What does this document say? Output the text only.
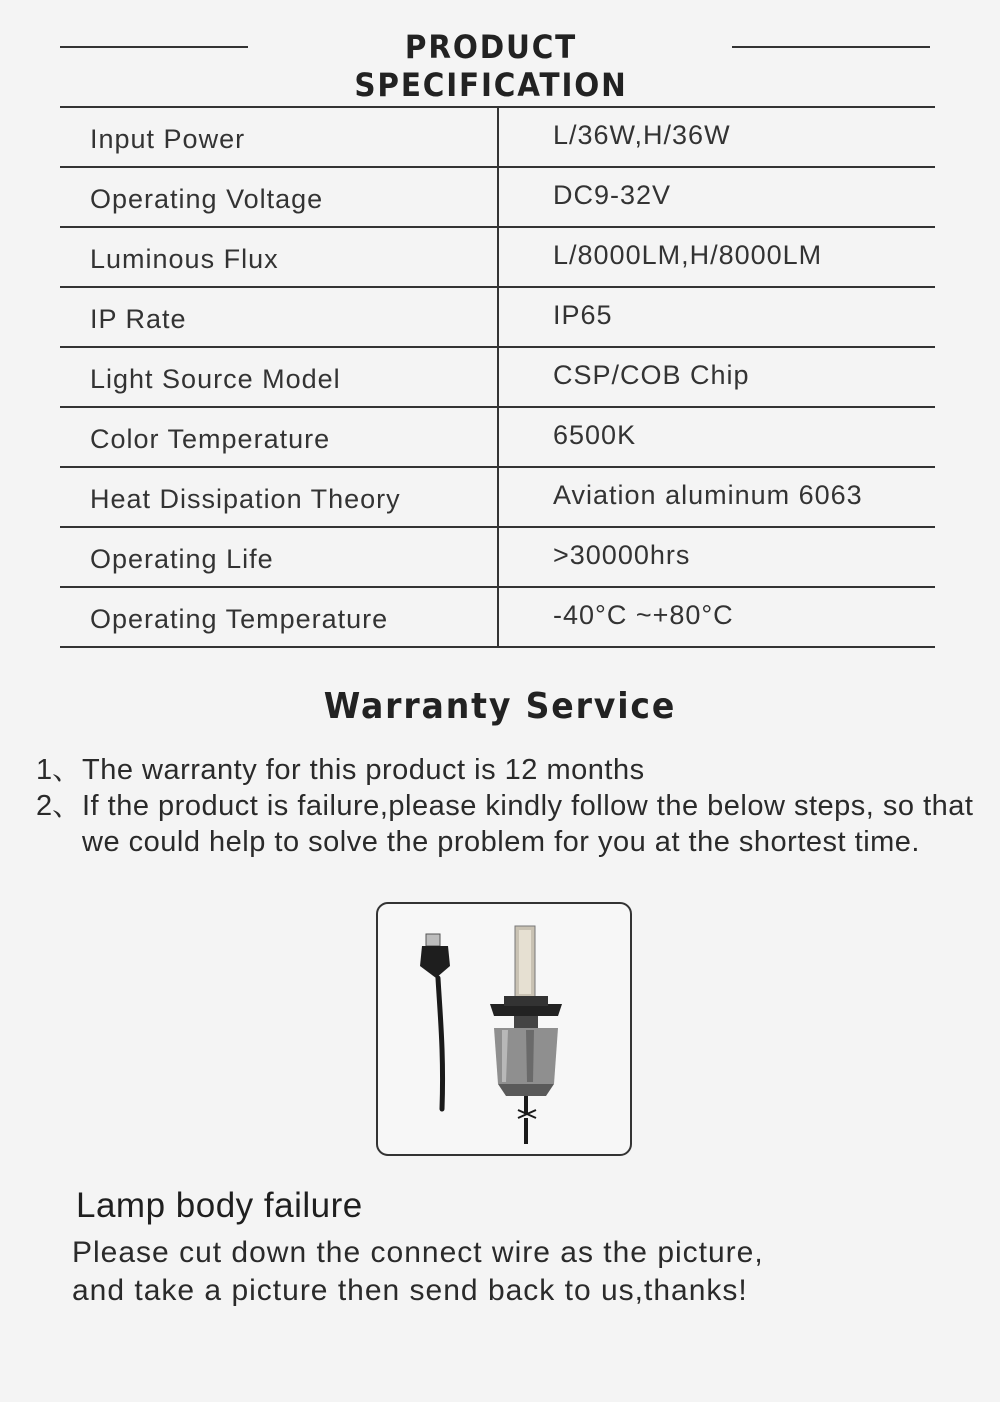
PRODUCT SPECIFICATION
Input Power	L/36W,H/36W
Operating Voltage	DC9-32V
Luminous Flux	L/8000LM,H/8000LM
IP Rate	IP65
Light Source Model	CSP/COB Chip
Color Temperature	6500K
Heat Dissipation Theory	Aviation aluminum 6063
Operating Life	>30000hrs
Operating Temperature	-40°C ~+80°C
Warranty Service
1、 The warranty for this product is 12 months
2、 If the product is failure,please kindly follow the below steps, so that we could help to solve the problem for you at the shortest time.
Lamp body failure
Please cut down the connect wire as the picture, and take a picture then send back to us,thanks!
